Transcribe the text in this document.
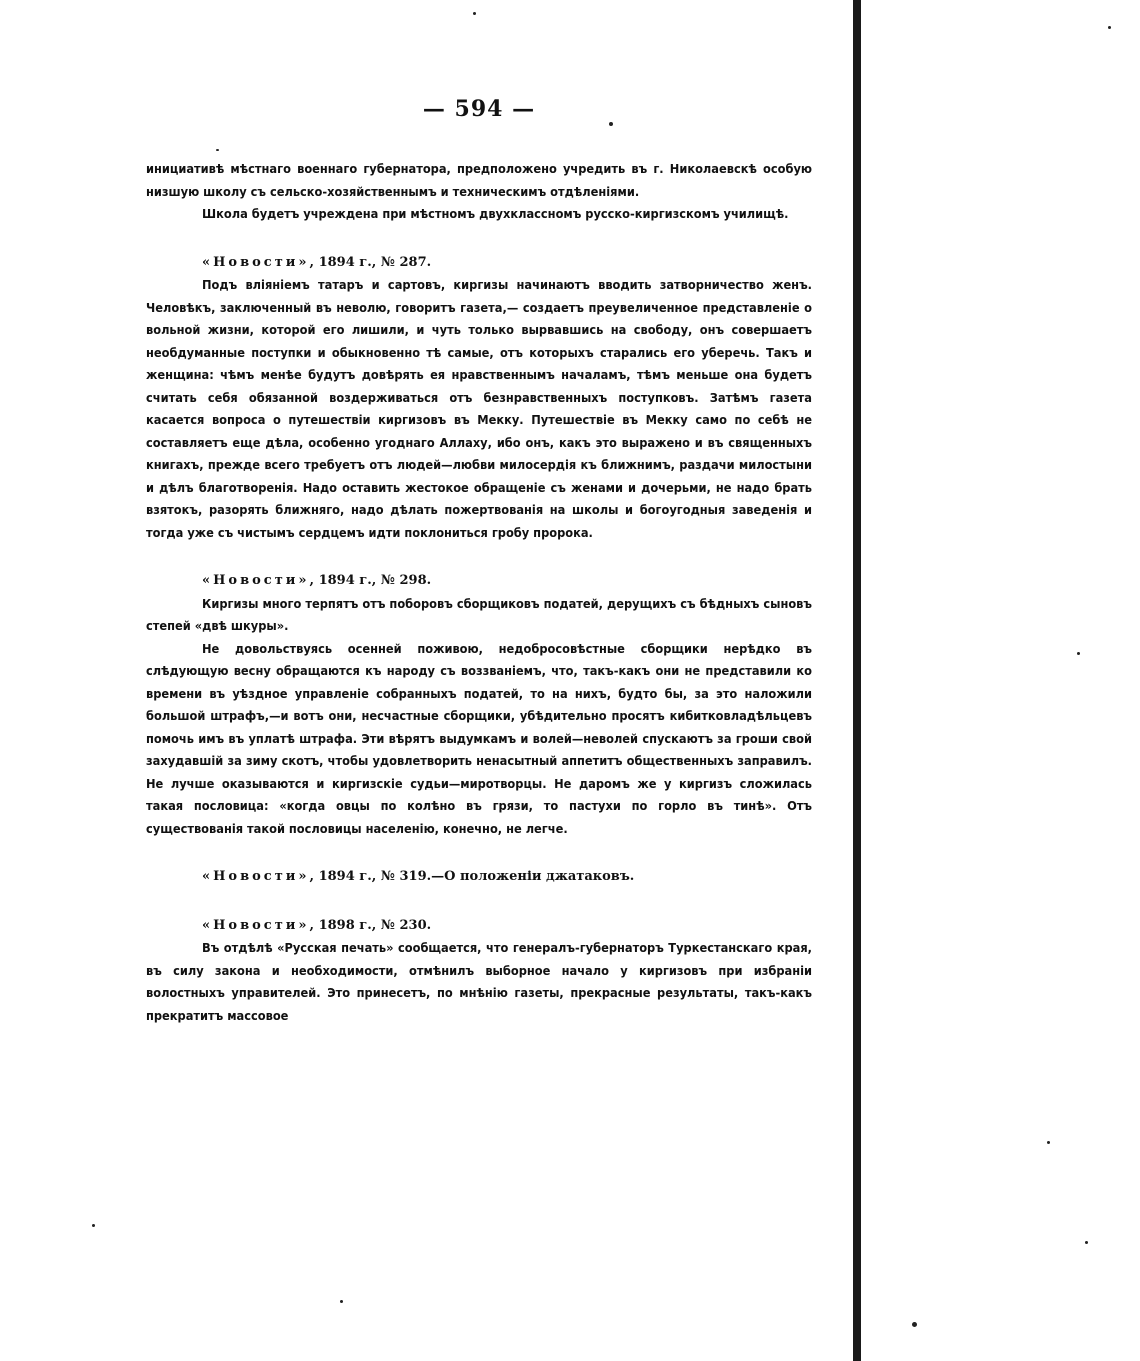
— 594 —

инициативѣ мѣстнаго военнаго губернатора, предположено учредить въ г. Николаевскѣ особую низшую школу съ сельско-хозяйственнымъ и техническимъ отдѣленіями.

Школа будетъ учреждена при мѣстномъ двухклассномъ русско-киргизскомъ училищѣ.

«Новости», 1894 г., № 287.

Подъ вліяніемъ татаръ и сартовъ, киргизы начинаютъ вводить затворничество женъ. Человѣкъ, заключенный въ неволю, говоритъ газета,— создаетъ преувеличенное представленіе о вольной жизни, которой его лишили, и чуть только вырвавшись на свободу, онъ совершаетъ необдуманные поступки и обыкновенно тѣ самые, отъ которыхъ старались его уберечь. Такъ и женщина: чѣмъ менѣе будутъ довѣрять ея нравственнымъ началамъ, тѣмъ меньше она будетъ считать себя обязанной воздерживаться отъ безнравственныхъ поступковъ. Затѣмъ газета касается вопроса о путешествіи киргизовъ въ Мекку. Путешествіе въ Мекку само по себѣ не составляетъ еще дѣла, особенно угоднаго Аллаху, ибо онъ, какъ это выражено и въ священныхъ книгахъ, прежде всего требуетъ отъ людей—любви милосердія къ ближнимъ, раздачи милостыни и дѣлъ благотворенія. Надо оставить жестокое обращеніе съ женами и дочерьми, не надо брать взятокъ, разорять ближняго, надо дѣлать пожертвованія на школы и богоугодныя заведенія и тогда уже съ чистымъ сердцемъ идти поклониться гробу пророка.

«Новости», 1894 г., № 298.

Киргизы много терпятъ отъ поборовъ сборщиковъ податей, дерущихъ съ бѣдныхъ сыновъ степей «двѣ шкуры».

Не довольствуясь осенней поживою, недобросовѣстные сборщики нерѣдко въ слѣдующую весну обращаются къ народу съ воззваніемъ, что, такъ-какъ они не представили ко времени въ уѣздное управленіе собранныхъ податей, то на нихъ, будто бы, за это наложили большой штрафъ,—и вотъ они, несчастные сборщики, убѣдительно просятъ кибитковладѣльцевъ помочь имъ въ уплатѣ штрафа. Эти вѣрятъ выдумкамъ и волей—неволей спускаютъ за гроши свой захудавшій за зиму скотъ, чтобы удовлетворить ненасытный аппетитъ общественныхъ заправилъ. Не лучше оказываются и киргизскіе судьи—миротворцы. Не даромъ же у киргизъ сложилась такая пословица: «когда овцы по колѣно въ грязи, то пастухи по горло въ тинѣ». Отъ существованія такой пословицы населенію, конечно, не легче.

«Новости», 1894 г., № 319.—О положеніи джатаковъ.

«Новости», 1898 г., № 230.

Въ отдѣлѣ «Русская печать» сообщается, что генералъ-губернаторъ Туркестанскаго края, въ силу закона и необходимости, отмѣнилъ выборное начало у киргизовъ при избраніи волостныхъ управителей. Это принесетъ, по мнѣнію газеты, прекрасные результаты, такъ-какъ прекратитъ массовое
